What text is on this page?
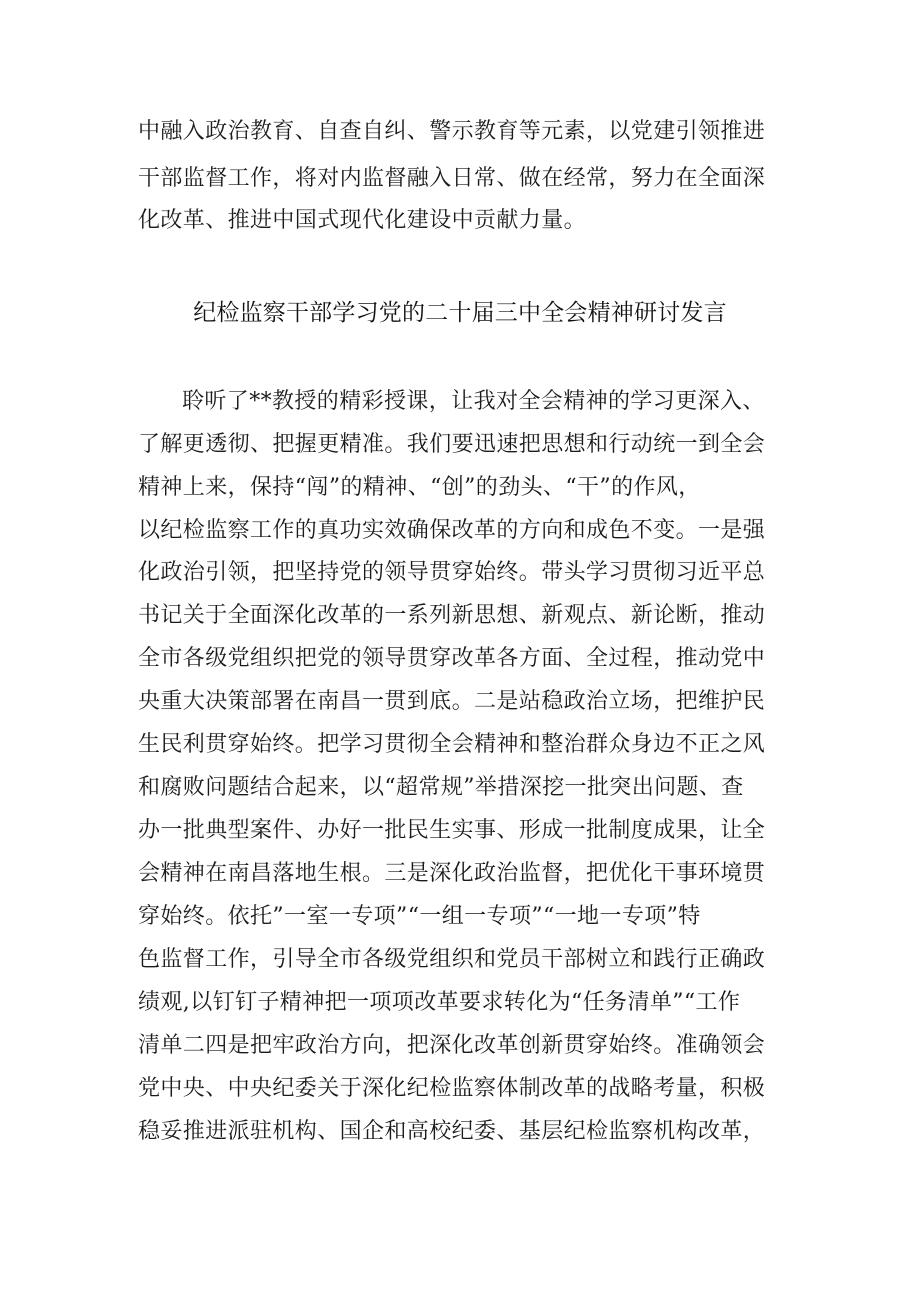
中融入政治教育、自查自纠、警示教育等元素，以党建引领推进
干部监督工作，将对内监督融入日常、做在经常，努力在全面深
化改革、推进中国式现代化建设中贡献力量。
纪检监察干部学习党的二十届三中全会精神研讨发言
聆听了**教授的精彩授课，让我对全会精神的学习更深入、
了解更透彻、把握更精准。我们要迅速把思想和行动统一到全会
精神上来，保持“闯”的精神、“创”的劲头、“干”的作风，
以纪检监察工作的真功实效确保改革的方向和成色不变。一是强
化政治引领，把坚持党的领导贯穿始终。带头学习贯彻习近平总
书记关于全面深化改革的一系列新思想、新观点、新论断，推动
全市各级党组织把党的领导贯穿改革各方面、全过程，推动党中
央重大决策部署在南昌一贯到底。二是站稳政治立场，把维护民
生民利贯穿始终。把学习贯彻全会精神和整治群众身边不正之风
和腐败问题结合起来，以“超常规”举措深挖一批突出问题、查
办一批典型案件、办好一批民生实事、形成一批制度成果，让全
会精神在南昌落地生根。三是深化政治监督，把优化干事环境贯
穿始终。依托”一室一专项”“一组一专项”“一地一专项”特
色监督工作，引导全市各级党组织和党员干部树立和践行正确政
绩观,以钉钉子精神把一项项改革要求转化为“任务清单”“工作
清单二四是把牢政治方向，把深化改革创新贯穿始终。准确领会
党中央、中央纪委关于深化纪检监察体制改革的战略考量，积极
稳妥推进派驻机构、国企和高校纪委、基层纪检监察机构改革，
